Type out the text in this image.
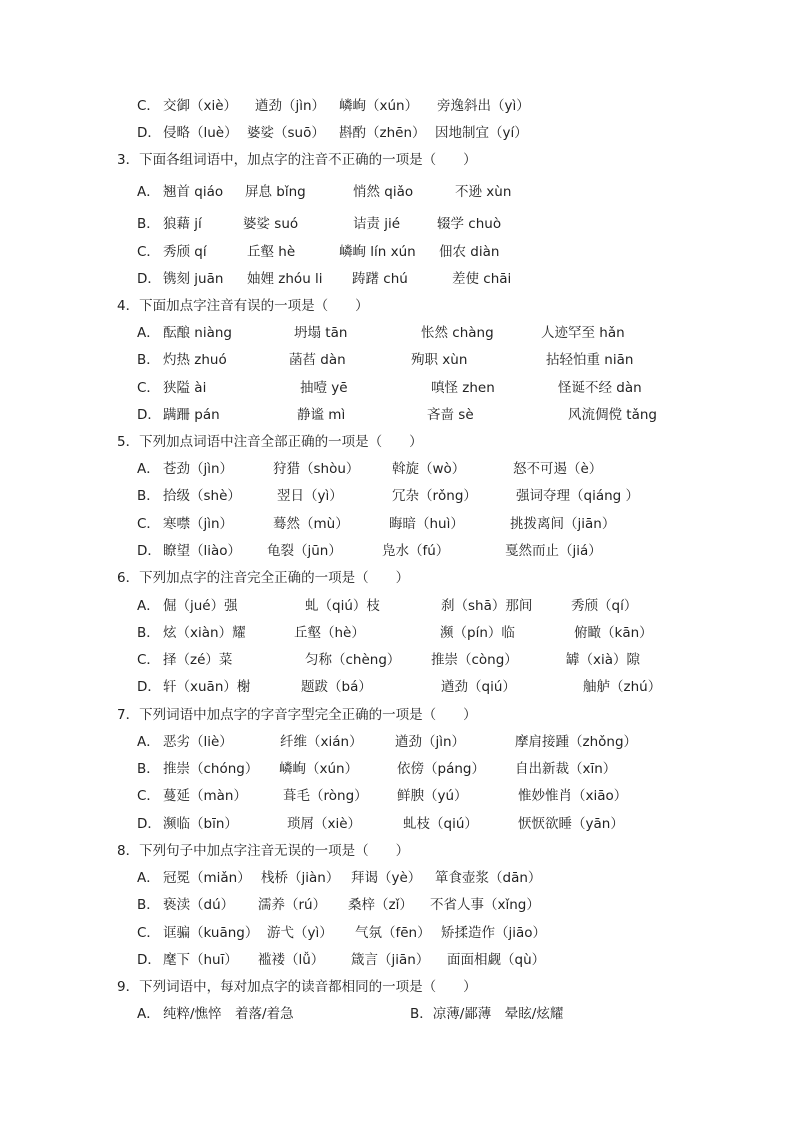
C． 交御（xiè） 遒劲（jìn） 嶙峋（xún） 旁逸斜出（yì）
D． 侵略（luè） 婆娑（suō） 斟酌（zhēn） 因地制宜（yí）
3．下面各组词语中，加点字的注音不正确的一项是（　　）
A． 翘首 qiáo 屏息 bǐng	悄然 qiǎo	不逊 xùn
B． 狼藉 jí	婆娑 suó	诘责 jié	辍学 chuò
C． 秀颀 qí	丘壑 hè	嶙峋 lín xún 佃农 diàn
D． 镌刻 juān 妯娌 zhóu li 踌躇 chú	差使 chāi
4．下面加点字注音有误的一项是（　　）
A． 酝酿 niàng	坍塌 tān	怅然 chàng	人迹罕至 hǎn
B． 灼热 zhuó	菡萏 dàn	殉职 xùn	拈轻怕重 niān
C． 狭隘 ài	抽噎 yē	嗔怪 zhen	怪诞不经 dàn
D． 蹒跚 pán	静谧 mì	吝啬 sè	风流倜傥 tǎng
5．下列加点词语中注音全部正确的一项是（　　）
A． 苍劲（jìn）	狩猎（shòu） 斡旋（wò）	怒不可遏（è）
B． 拾级（shè）	翌日（yì）	冗杂（rǒng）	强词夺理（qiáng ）
C． 寒噤（jìn）	蓦然（mù）	晦暗（huì）	挑拨离间（jiān）
D． 瞭望（liào） 龟裂（jūn）	凫水（fú）	戛然而止（jiá）
6．下列加点字的注音完全正确的一项是（　　）
A． 倔（jué）强	虬（qiú）枝	刹（shā）那间	秀颀（qí）
B． 炫（xiàn）耀	丘壑（hè）	濒（pín）临	俯瞰（kān）
C． 择（zé）菜	匀称（chèng） 推崇（còng）	罅（xià）隙
D． 轩（xuān）榭	题跋（bá）	遒劲（qiú）	舳舻（zhú）
7．下列词语中加点字的字音字型完全正确的一项是（　　）
A． 恶劣（liè）	纤维（xián） 遒劲（jìn）	摩肩接踵（zhǒng）
B． 推崇（chóng） 嶙峋（xún）	依傍（páng） 自出新裁（xīn）
C． 蔓延（màn）	葺毛（ròng） 鲜腴（yú）	惟妙惟肖（xiāo）
D． 濒临（bīn）	琐屑（xiè）	虬枝（qiú）	恹恹欲睡（yān）
8．下列句子中加点字注音无误的一项是（　　）
A． 冠冕（miǎn） 栈桥（jiàn） 拜谒（yè） 箪食壶浆（dān）
B． 亵渎（dú） 濡养（rú） 桑梓（zǐ） 不省人事（xǐng）
C． 诓骗（kuāng） 游弋（yì） 气氛（fēn） 矫揉造作（jiāo）
D． 麾下（huī） 褴褛（lǚ） 箴言（jiān） 面面相觑（qù）
9．下列词语中，每对加点字的读音都相同的一项是（　　）
A． 纯粹/憔悴　着落/着急	B．凉薄/鄙薄　晕眩/炫耀
